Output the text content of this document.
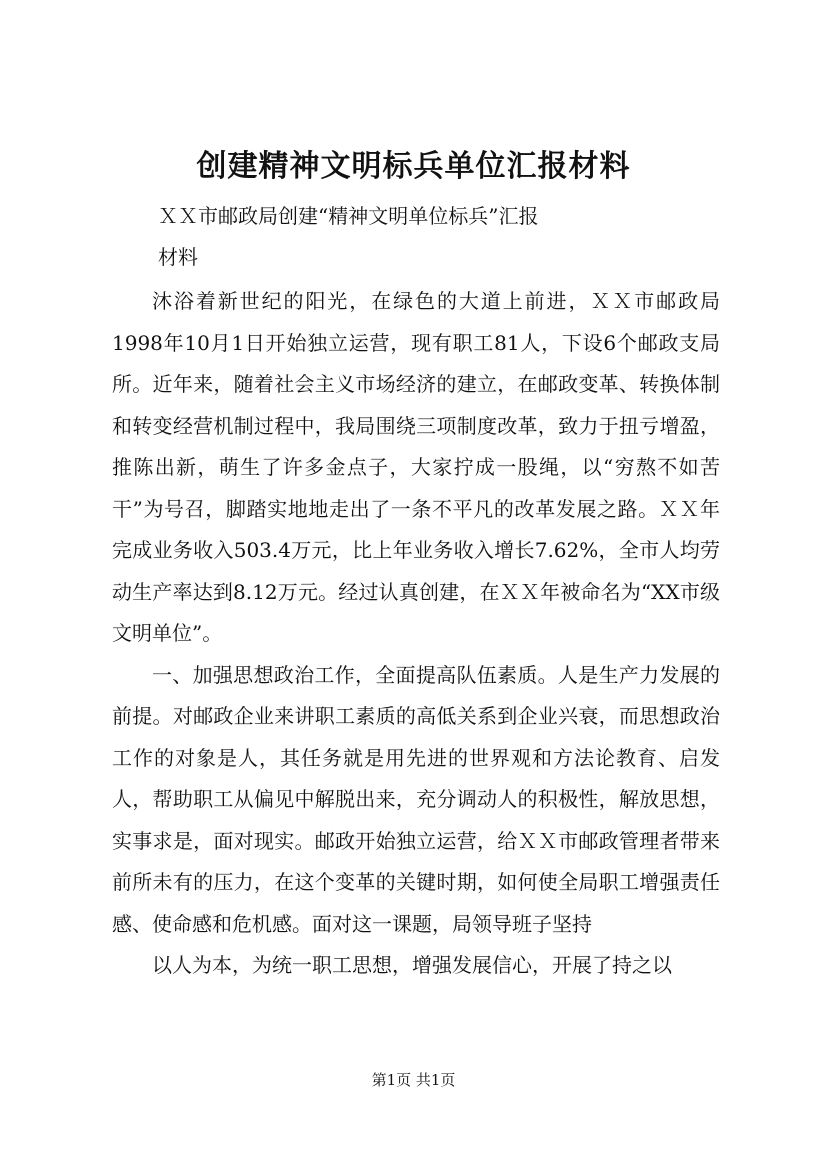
创建精神文明标兵单位汇报材料

ＸＸ市邮政局创建“精神文明单位标兵”汇报

材料

沐浴着新世纪的阳光，在绿色的大道上前进，ＸＸ市邮政局1998年10月1日开始独立运营，现有职工81人，下设6个邮政支局所。近年来，随着社会主义市场经济的建立，在邮政变革、转换体制和转变经营机制过程中，我局围绕三项制度改革，致力于扭亏增盈，推陈出新，萌生了许多金点子，大家拧成一股绳，以“穷熬不如苦干”为号召，脚踏实地地走出了一条不平凡的改革发展之路。ＸＸ年完成业务收入503.4万元，比上年业务收入增长7.62%，全市人均劳动生产率达到8.12万元。经过认真创建，在ＸＸ年被命名为“XX市级文明单位”。

一、加强思想政治工作，全面提高队伍素质。人是生产力发展的前提。对邮政企业来讲职工素质的高低关系到企业兴衰，而思想政治工作的对象是人，其任务就是用先进的世界观和方法论教育、启发人，帮助职工从偏见中解脱出来，充分调动人的积极性，解放思想，实事求是，面对现实。邮政开始独立运营，给ＸＸ市邮政管理者带来前所未有的压力，在这个变革的关键时期，如何使全局职工增强责任感、使命感和危机感。面对这一课题，局领导班子坚持

以人为本，为统一职工思想，增强发展信心，开展了持之以

第1页 共1页
